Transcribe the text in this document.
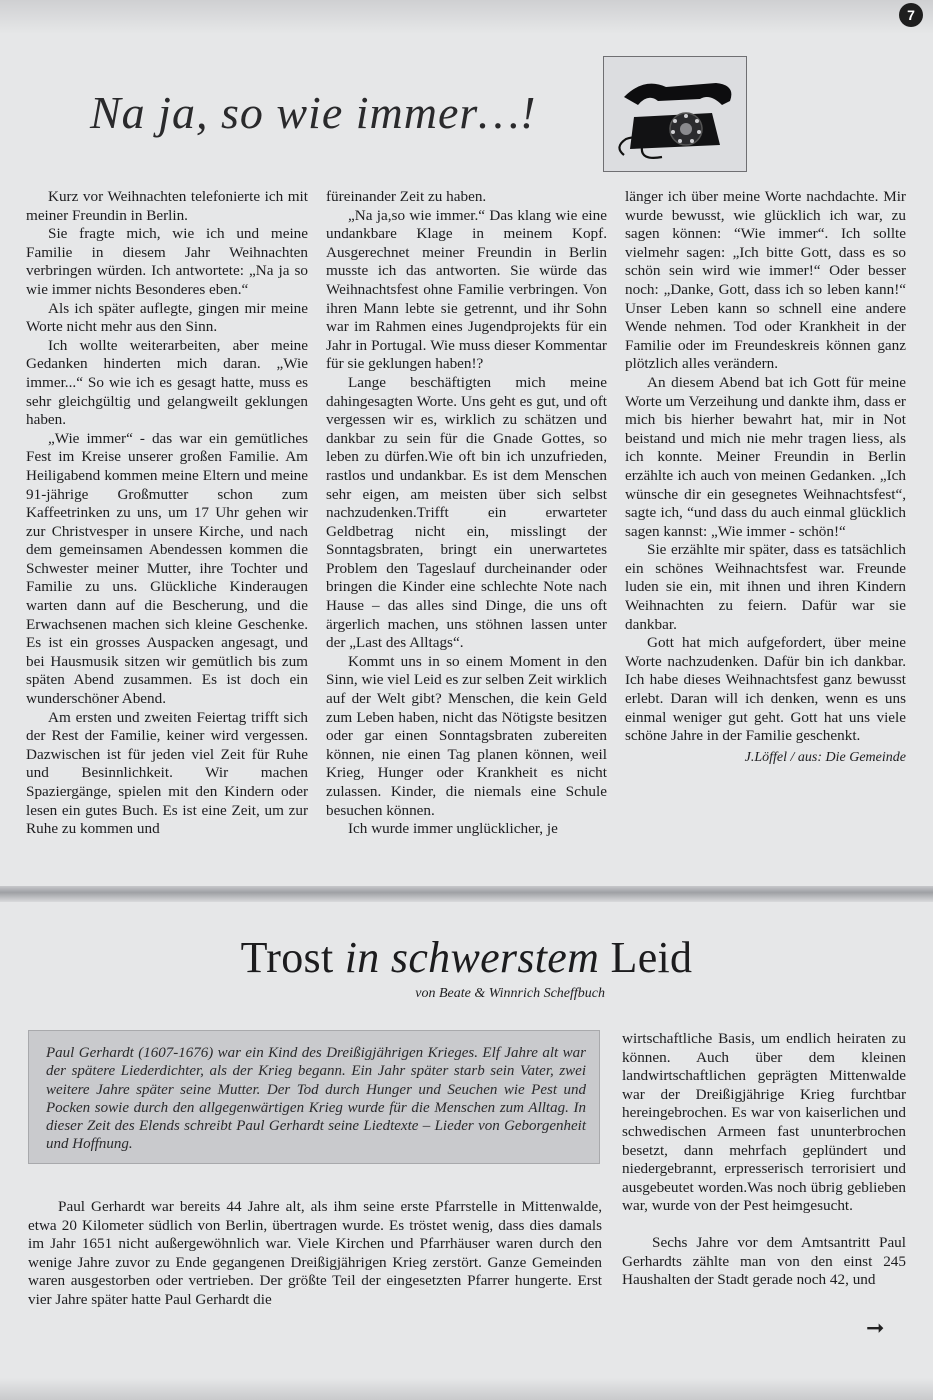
7
Na ja, so wie immer…!

Kurz vor Weihnachten telefonierte ich mit meiner Freundin in Berlin.

Sie fragte mich, wie ich und meine Familie in diesem Jahr Weihnachten verbringen würden. Ich antwortete: „Na ja so wie immer nichts Besonderes eben.“

Als ich später auflegte, gingen mir meine Worte nicht mehr aus den Sinn.

Ich wollte weiterarbeiten, aber meine Gedanken hinderten mich daran. „Wie immer...“ So wie ich es gesagt hatte, muss es sehr gleichgültig und gelangweilt geklungen haben.

„Wie immer“ - das war ein gemütliches Fest im Kreise unserer großen Familie. Am Heiligabend kommen meine Eltern und meine 91-jährige Großmutter schon zum Kaffeetrinken zu uns, um 17 Uhr gehen wir zur Christvesper in unsere Kirche, und nach dem gemeinsamen Abendessen kommen die Schwester meiner Mutter, ihre Tochter und Familie zu uns. Glückliche Kinderaugen warten dann auf die Bescherung, und die Erwachsenen machen sich kleine Geschenke. Es ist ein grosses Auspacken angesagt, und bei Hausmusik sitzen wir gemütlich bis zum späten Abend zusammen. Es ist doch ein wunderschöner Abend.

Am ersten und zweiten Feiertag trifft sich der Rest der Familie, keiner wird vergessen. Dazwischen ist für jeden viel Zeit für Ruhe und Besinnlichkeit. Wir machen Spaziergänge, spielen mit den Kindern oder lesen ein gutes Buch. Es ist eine Zeit, um zur Ruhe zu kommen und

füreinander Zeit zu haben.

„Na ja,so wie immer.“ Das klang wie eine undankbare Klage in meinem Kopf. Ausgerechnet meiner Freundin in Berlin musste ich das antworten. Sie würde das Weihnachtsfest ohne Familie verbringen. Von ihren Mann lebte sie getrennt, und ihr Sohn war im Rahmen eines Jugendprojekts für ein Jahr in Portugal. Wie muss dieser Kommentar für sie geklungen haben!?

Lange beschäftigten mich meine dahingesagten Worte. Uns geht es gut, und oft vergessen wir es, wirklich zu schätzen und dankbar zu sein für die Gnade Gottes, so leben zu dürfen.Wie oft bin ich unzufrieden, rastlos und undankbar. Es ist dem Menschen sehr eigen, am meisten über sich selbst nachzudenken.Trifft ein erwarteter Geldbetrag nicht ein, misslingt der Sonntagsbraten, bringt ein unerwartetes Problem den Tageslauf durcheinander oder bringen die Kinder eine schlechte Note nach Hause – das alles sind Dinge, die uns oft ärgerlich machen, uns stöhnen lassen unter der „Last des Alltags“.

Kommt uns in so einem Moment in den Sinn, wie viel Leid es zur selben Zeit wirklich auf der Welt gibt? Menschen, die kein Geld zum Leben haben, nicht das Nötigste besitzen oder gar einen Sonntagsbraten zubereiten können, nie einen Tag planen können, weil Krieg, Hunger oder Krankheit es nicht zulassen. Kinder, die niemals eine Schule besuchen können.

Ich wurde immer unglücklicher, je

länger ich über meine Worte nachdachte. Mir wurde bewusst, wie glücklich ich war, zu sagen können: “Wie immer“. Ich sollte vielmehr sagen: „Ich bitte Gott, dass es so schön sein wird wie immer!“ Oder besser noch: „Danke, Gott, dass ich so leben kann!“ Unser Leben kann so schnell eine andere Wende nehmen. Tod oder Krankheit in der Familie oder im Freundeskreis können ganz plötzlich alles verändern.

An diesem Abend bat ich Gott für meine Worte um Verzeihung und dankte ihm, dass er mich bis hierher bewahrt hat, mir in Not beistand und mich nie mehr tragen liess, als ich konnte. Meiner Freundin in Berlin erzählte ich auch von meinen Gedanken. „Ich wünsche dir ein gesegnetes Weihnachtsfest“, sagte ich, “und dass du auch einmal glücklich sagen kannst: „Wie immer - schön!“

Sie erzählte mir später, dass es tatsächlich ein schönes Weihnachtsfest war. Freunde luden sie ein, mit ihnen und ihren Kindern Weihnachten zu feiern. Dafür war sie dankbar.

Gott hat mich aufgefordert, über meine Worte nachzudenken. Dafür bin ich dankbar. Ich habe dieses Weihnachtsfest ganz bewusst erlebt. Daran will ich denken, wenn es uns einmal weniger gut geht. Gott hat uns viele schöne Jahre in der Familie geschenkt.

J.Löffel / aus: Die Gemeinde

Trost in schwerstem Leid
von Beate & Winnrich Scheffbuch
Paul Gerhardt (1607-1676) war ein Kind des Dreißigjährigen Krieges. Elf Jahre alt war der spätere Liederdichter, als der Krieg begann. Ein Jahr später starb sein Vater, zwei weitere Jahre später seine Mutter. Der Tod durch Hunger und Seuchen wie Pest und Pocken sowie durch den allgegenwärtigen Krieg wurde für die Menschen zum Alltag. In dieser Zeit des Elends schreibt Paul Gerhardt seine Liedtexte – Lieder von Geborgenheit und Hoffnung.

Paul Gerhardt war bereits 44 Jahre alt, als ihm seine erste Pfarrstelle in Mittenwalde, etwa 20 Kilometer südlich von Berlin, übertragen wurde. Es tröstet wenig, dass dies damals im Jahr 1651 nicht außergewöhnlich war. Viele Kirchen und Pfarrhäuser waren durch den wenige Jahre zuvor zu Ende gegangenen Dreißigjährigen Krieg zerstört. Ganze Gemeinden waren ausgestorben oder vertrieben. Der größte Teil der eingesetzten Pfarrer hungerte. Erst vier Jahre später hatte Paul Gerhardt die

wirtschaftliche Basis, um endlich heiraten zu können. Auch über dem kleinen landwirtschaftlichen geprägten Mittenwalde war der Dreißigjährige Krieg furchtbar hereingebrochen. Es war von kaiserlichen und schwedischen Armeen fast ununterbrochen besetzt, dann mehrfach geplündert und niedergebrannt, erpresserisch terrorisiert und ausgebeutet worden.Was noch übrig geblieben war, wurde von der Pest heimgesucht.

Sechs Jahre vor dem Amtsantritt Paul Gerhardts zählte man von den einst 245 Haushalten der Stadt gerade noch 42, und

➞
